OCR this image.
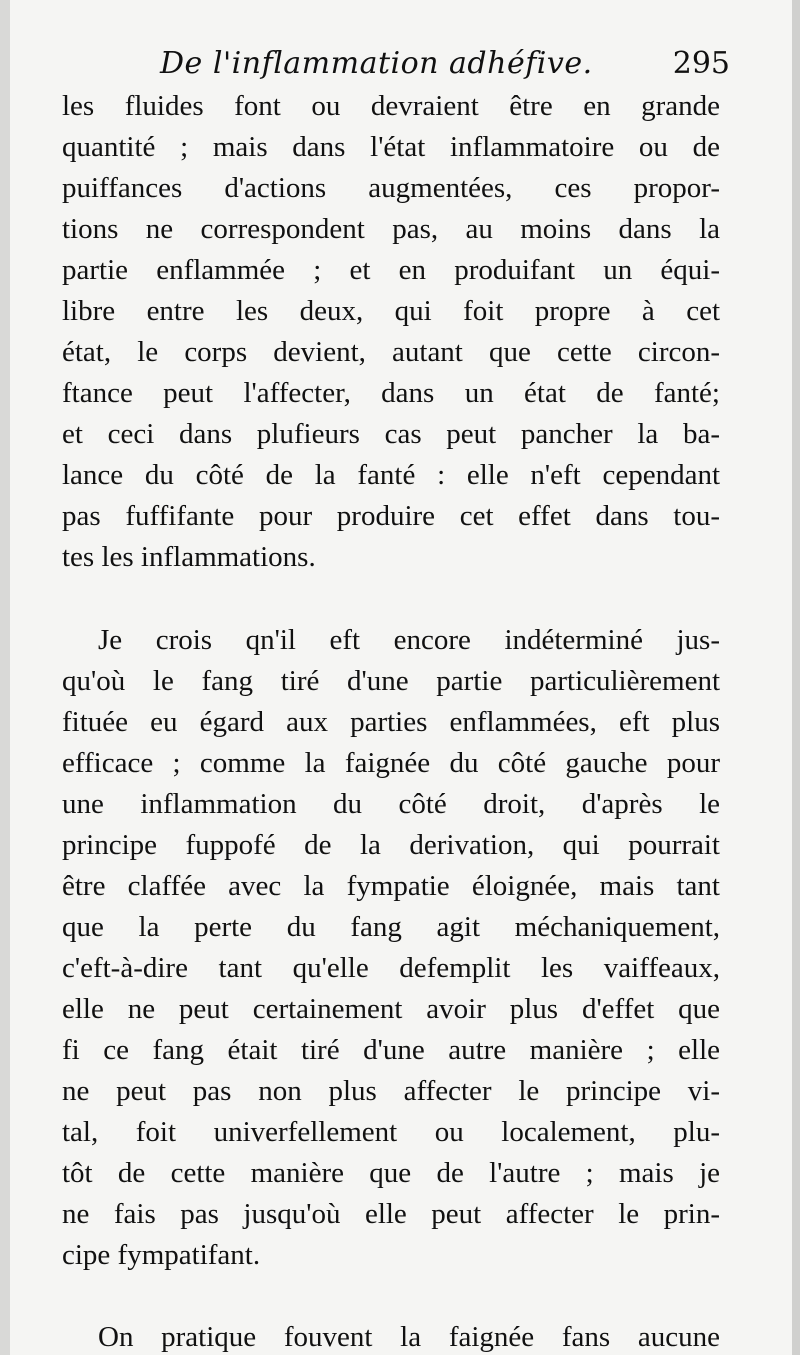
De l'inflammation adhéfive.	295
les fluides font ou devraient être en grande
quantité ; mais dans l'état inflammatoire ou de
puiffances d'actions augmentées, ces propor-
tions ne correspondent pas, au moins dans la
partie enflammée ; et en produifant un équi-
libre entre les deux, qui foit propre à cet
état, le corps devient, autant que cette circon-
ftance peut l'affecter, dans un état de fanté;
et ceci dans plufieurs cas peut pancher la ba-
lance du côté de la fanté : elle n'eft cependant
pas fuffifante pour produire cet effet dans tou-
tes les inflammations.
Je crois qn'il eft encore indéterminé jus-
qu'où le fang tiré d'une partie particulièrement
fituée eu égard aux parties enflammées, eft plus
efficace ; comme la faignée du côté gauche pour
une inflammation du côté droit, d'après le
principe fuppofé de la derivation, qui pourrait
être claffée avec la fympatie éloignée, mais tant
que la perte du fang agit méchaniquement,
c'eft-à-dire tant qu'elle defemplit les vaiffeaux,
elle ne peut certainement avoir plus d'effet que
fi ce fang était tiré d'une autre manière ; elle
ne peut pas non plus affecter le principe vi-
tal, foit univerfellement ou localement, plu-
tôt de cette manière que de l'autre ; mais je
ne fais pas jusqu'où elle peut affecter le prin-
cipe fympatifant.
On pratique fouvent la faignée fans aucune
